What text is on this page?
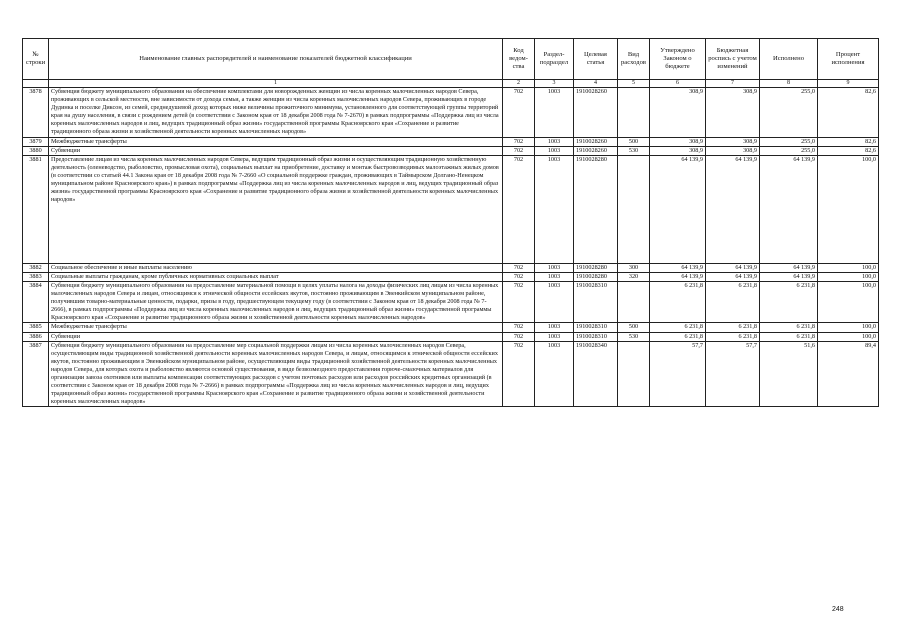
№ строки	Наименование главных распорядителей и наименование показателей бюджетной классификации	Код ведом-ства	Раздел-подраздел	Целевая статья	Вид расходов	Утверждено Законом о бюджете	Бюджетная роспись с учетом изменений	Исполнено	Процент исполнения
	1	2	3	4	5	6	7	8	9
3878	Субвенция бюджету муниципального образования на обеспечение комплектами для новорожденных женщин из числа коренных малочисленных народов Севера, проживающих в сельской местности, вне зависимости от дохода семьи, а также женщин из числа коренных малочисленных народов Севера, проживающих в городе Дудинка и поселке Диксон, из семей, среднедушевой доход которых ниже величины прожиточного минимума, установленного для соответствующей группы территорий края на душу населения, в связи с рождением детей (в соответствии с Законом края от 18 декабря 2008 года № 7-2670) в рамках подпрограммы «Поддержка лиц из числа коренных малочисленных народов и лиц, ведущих традиционный образ жизни» государственной программы Красноярского края «Сохранение и развитие традиционного образа жизни и хозяйственной деятельности коренных малочисленных народов»	702	1003	1910028260		308,9	308,9	255,0	82,6
3879	Межбюджетные трансферты	702	1003	1910028260	500	308,9	308,9	255,0	82,6
3880	Субвенции	702	1003	1910028260	530	308,9	308,9	255,0	82,6
3881	Предоставление лицам из числа коренных малочисленных народов Севера, ведущим традиционный образ жизни и осуществляющим традиционную хозяйственную деятельность (оленеводство, рыболовство, промысловая охота), социальных выплат на приобретение, доставку и монтаж быстровозводимых малоэтажных жилых домов (в соответствии со статьей 44.1 Закона края от 18 декабря 2008 года № 7-2660 «О социальной поддержке граждан, проживающих в Таймырском Долгано-Ненецком муниципальном районе Красноярского края») в рамках подпрограммы «Поддержка лиц из числа коренных малочисленных народов и лиц, ведущих традиционный образ жизни» государственной программы Красноярского края «Сохранение и развитие традиционного образа жизни и хозяйственной деятельности коренных малочисленных народов»	702	1003	1910028280		64 139,9	64 139,9	64 139,9	100,0
3882	Социальное обеспечение и иные выплаты населению	702	1003	1910028280	300	64 139,9	64 139,9	64 139,9	100,0
3883	Социальные выплаты гражданам, кроме публичных нормативных социальных выплат	702	1003	1910028280	320	64 139,9	64 139,9	64 139,9	100,0
3884	Субвенция бюджету муниципального образования на предоставление материальной помощи в целях уплаты налога на доходы физических лиц лицам из числа коренных малочисленных народов Севера и лицам, относящимся к этнической общности ессейских якутов, постоянно проживающим в Эвенкийском муниципальном районе, получившим товарно-материальные ценности, подарки, призы в году, предшествующем текущему году (в соответствии с Законом края от 18 декабря 2008 года № 7-2666), в рамках подпрограммы «Поддержка лиц из числа коренных малочисленных народов и лиц, ведущих традиционный образ жизни» государственной программы Красноярского края «Сохранение и развитие традиционного образа жизни и хозяйственной деятельности коренных малочисленных народов»	702	1003	1910028310		6 231,8	6 231,8	6 231,8	100,0
3885	Межбюджетные трансферты	702	1003	1910028310	500	6 231,8	6 231,8	6 231,8	100,0
3886	Субвенции	702	1003	1910028310	530	6 231,8	6 231,8	6 231,8	100,0
3887	Субвенция бюджету муниципального образования на предоставление мер социальной поддержки лицам из числа коренных малочисленных народов Севера, осуществляющим виды традиционной хозяйственной деятельности коренных малочисленных народов Севера, и лицам, относящимся к этнической общности ессейских якутов, постоянно проживающим в Эвенкийском муниципальном районе, осуществляющим виды традиционной хозяйственной деятельности коренных малочисленных народов Севера, для которых охота и рыболовство являются основой существования, в виде безвозмездного предоставления горюче-смазочных материалов для организации завоза охотников или выплаты компенсации соответствующих расходов с учетом почтовых расходов или расходов российских кредитных организаций (в соответствии с Законом края от 18 декабря 2008 года № 7-2666) в рамках подпрограммы «Поддержка лиц из числа коренных малочисленных народов и лиц, ведущих традиционный образ жизни» государственной программы Красноярского края «Сохранение и развитие традиционного образа жизни и хозяйственной деятельности коренных малочисленных народов»	702	1003	1910028340		57,7	57,7	51,6	89,4
248
